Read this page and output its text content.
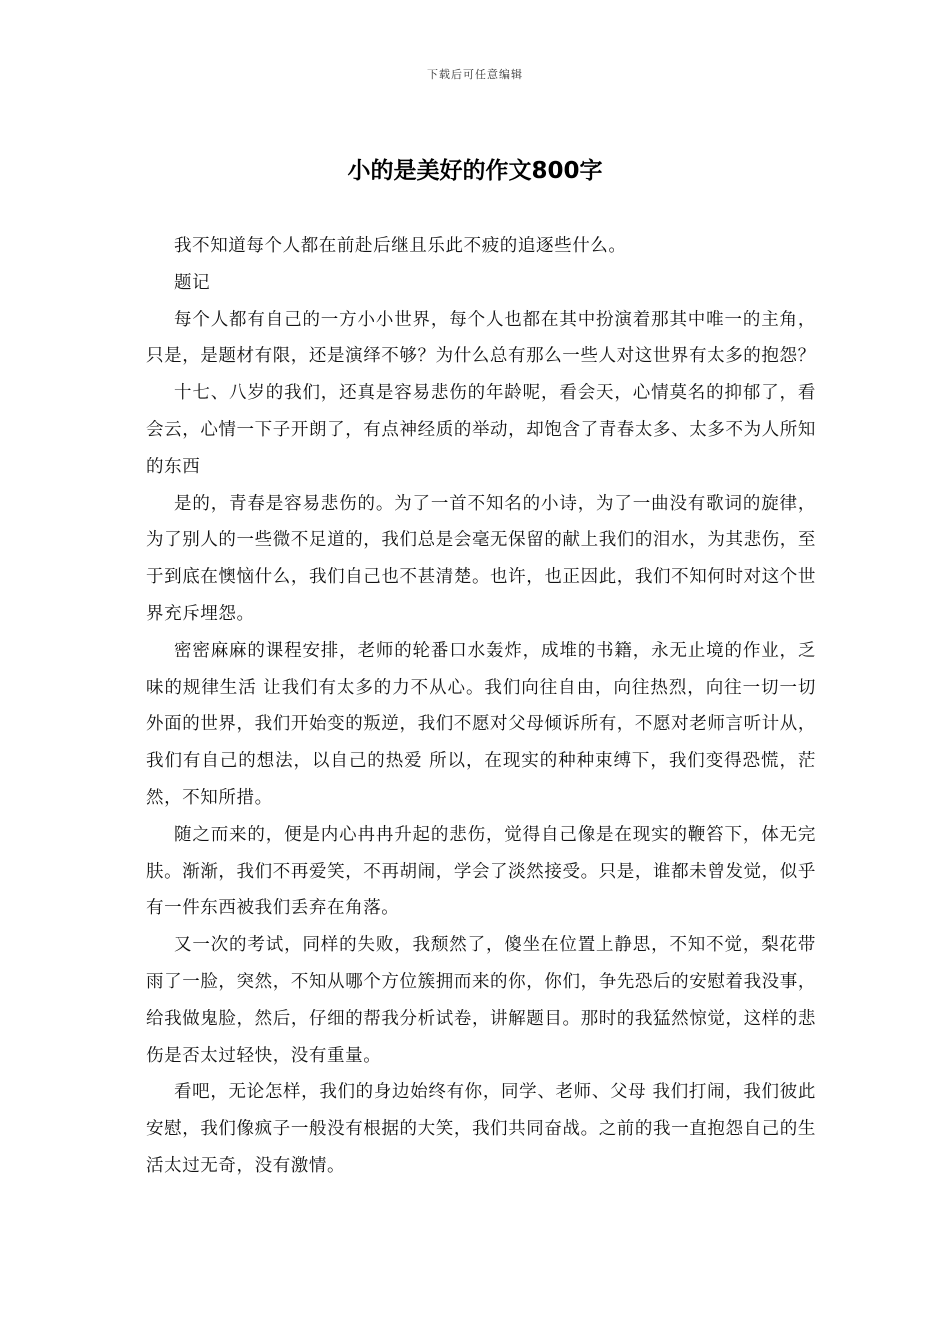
下载后可任意编辑
小的是美好的作文800字

我不知道每个人都在前赴后继且乐此不疲的追逐些什么。

题记

每个人都有自己的一方小小世界，每个人也都在其中扮演着那其中唯一的主角，只是，是题材有限，还是演绎不够？为什么总有那么一些人对这世界有太多的抱怨？

十七、八岁的我们，还真是容易悲伤的年龄呢，看会天，心情莫名的抑郁了，看会云，心情一下子开朗了，有点神经质的举动，却饱含了青春太多、太多不为人所知的东西

是的，青春是容易悲伤的。为了一首不知名的小诗，为了一曲没有歌词的旋律，为了别人的一些微不足道的，我们总是会毫无保留的献上我们的泪水，为其悲伤，至于到底在懊恼什么，我们自己也不甚清楚。也许，也正因此，我们不知何时对这个世界充斥埋怨。

密密麻麻的课程安排，老师的轮番口水轰炸，成堆的书籍，永无止境的作业，乏味的规律生活 让我们有太多的力不从心。我们向往自由，向往热烈，向往一切一切外面的世界，我们开始变的叛逆，我们不愿对父母倾诉所有，不愿对老师言听计从，我们有自己的想法，以自己的热爱 所以，在现实的种种束缚下，我们变得恐慌，茫然，不知所措。

随之而来的，便是内心冉冉升起的悲伤，觉得自己像是在现实的鞭笞下，体无完肤。渐渐，我们不再爱笑，不再胡闹，学会了淡然接受。只是，谁都未曾发觉，似乎有一件东西被我们丢弃在角落。

又一次的考试，同样的失败，我颓然了，傻坐在位置上静思，不知不觉，梨花带雨了一脸，突然，不知从哪个方位簇拥而来的你，你们，争先恐后的安慰着我没事，给我做鬼脸，然后，仔细的帮我分析试卷，讲解题目。那时的我猛然惊觉，这样的悲伤是否太过轻快，没有重量。

看吧，无论怎样，我们的身边始终有你，同学、老师、父母 我们打闹，我们彼此安慰，我们像疯子一般没有根据的大笑，我们共同奋战。之前的我一直抱怨自己的生活太过无奇，没有激情。
